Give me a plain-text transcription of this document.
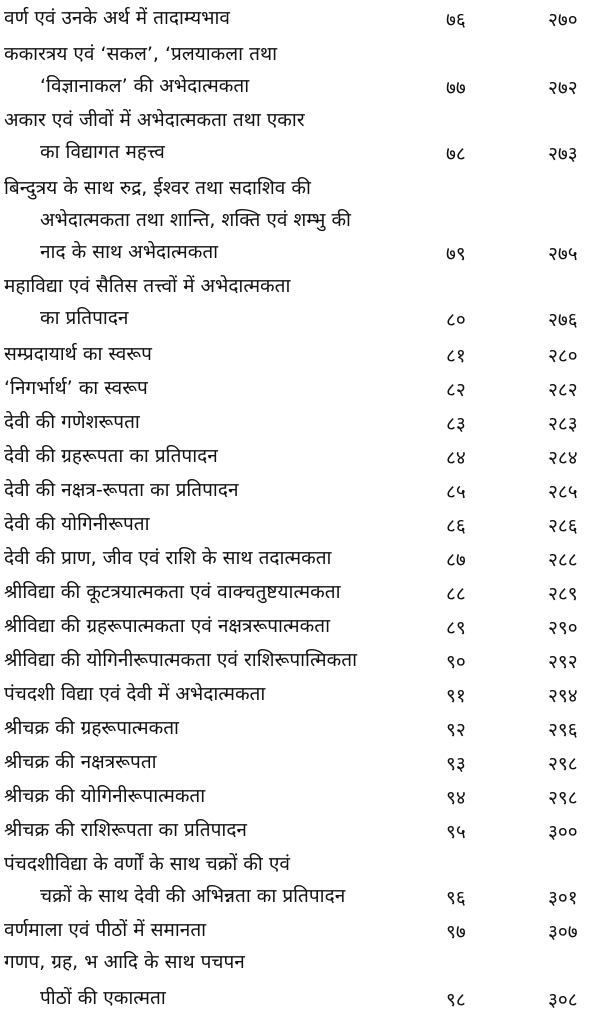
वर्ण एवं उनके अर्थ में तादाम्यभाव	७६	२७०
ककारत्रय एवं ‘सकल’, ‘प्रलयाकला तथा
‘विज्ञानाकल’ की अभेदात्मकता	७७	२७२
अकार एवं जीवों में अभेदात्मकता तथा एकार
का विद्यागत महत्त्व	७८	२७३
बिन्दुत्रय के साथ रुद्र, ईश्वर तथा सदाशिव की
अभेदात्मकता तथा शान्ति, शक्ति एवं शम्भु की
नाद के साथ अभेदात्मकता	७९	२७५
महाविद्या एवं सैतिस तत्त्वों में अभेदात्मकता
का प्रतिपादन	८०	२७६
सम्प्रदायार्थ का स्वरूप	८१	२८०
‘निगर्भार्थ’ का स्वरूप	८२	२८२
देवी की गणेशरूपता	८३	२८३
देवी की ग्रहरूपता का प्रतिपादन	८४	२८४
देवी की नक्षत्र-रूपता का प्रतिपादन	८५	२८५
देवी की योगिनीरूपता	८६	२८६
देवी की प्राण, जीव एवं राशि के साथ तदात्मकता	८७	२८८
श्रीविद्या की कूटत्रयात्मकता एवं वाक्चतुष्टयात्मकता	८८	२८९
श्रीविद्या की ग्रहरूपात्मकता एवं नक्षत्ररूपात्मकता	८९	२९०
श्रीविद्या की योगिनीरूपात्मकता एवं राशिरूपात्मिकता	९०	२९२
पंचदशी विद्या एवं देवी में अभेदात्मकता	९१	२९४
श्रीचक्र की ग्रहरूपात्मकता	९२	२९६
श्रीचक्र की नक्षत्ररूपता	९३	२९८
श्रीचक्र की योगिनीरूपात्मकता	९४	२९८
श्रीचक्र की राशिरूपता का प्रतिपादन	९५	३००
पंचदशीविद्या के वर्णों के साथ चक्रों की एवं
चक्रों के साथ देवी की अभिन्नता का प्रतिपादन	९६	३०१
वर्णमाला एवं पीठों में समानता	९७	३०७
गणप, ग्रह, भ आदि के साथ पचपन
पीठों की एकात्मता	९८	३०८
